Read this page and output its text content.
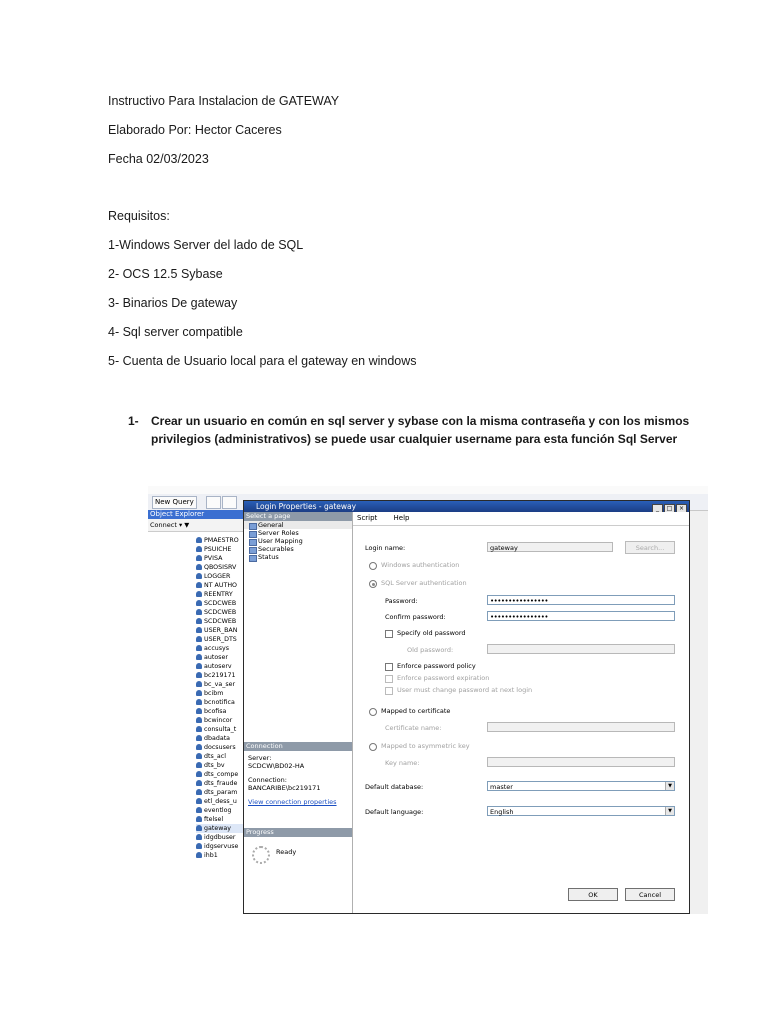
Instructivo Para Instalacion de GATEWAY
Elaborado Por: Hector Caceres
Fecha 02/03/2023
Requisitos:
1-Windows Server del lado de SQL
2- OCS 12.5 Sybase
3- Binarios De gateway
4- Sql server compatible
5- Cuenta de Usuario local para el gateway en windows
1- Crear un usuario en común en sql server y sybase con la misma contraseña y con los mismos privilegios (administrativos) se puede usar cualquier username para esta función Sql Server
New Query
Object Explorer
Connect ▾ ▼
PMAESTRO
PSUICHE
PVISA
QBOSISRV
LOGGER
NT AUTHO
REENTRY
SCDCWEB
SCDCWEB
SCDCWEB
USER_BAN
USER_DTS
accusys
autoser
autoserv
bc219171
bc_va_ser
bcibm
bcnotifica
bcofisa
bcwincor
consulta_t
dbadata
docsusers
dts_acl
dts_bv
dts_compe
dts_fraude
dts_param
etl_dess_u
eventlog
ftelsel
gateway
idgdbuser
idgservuse
ihb1
Login Properties - gateway	_ □ ×
Select a page
General
Server Roles
User Mapping
Securables
Status
Connection
Server:
SCDCW\BD02-HA
Connection:
BANCARIBE\bc219171
View connection properties
Progress
Ready
Script Help
Login name:	gateway	Search...
Windows authentication
SQL Server authentication
Password:	••••••••••••••••
Confirm password:	••••••••••••••••
Specify old password
Old password:
Enforce password policy
Enforce password expiration
User must change password at next login
Mapped to certificate
Certificate name:
Mapped to asymmetric key
Key name:
Default database:	master	▼
Default language:	English	▼
OK	Cancel
